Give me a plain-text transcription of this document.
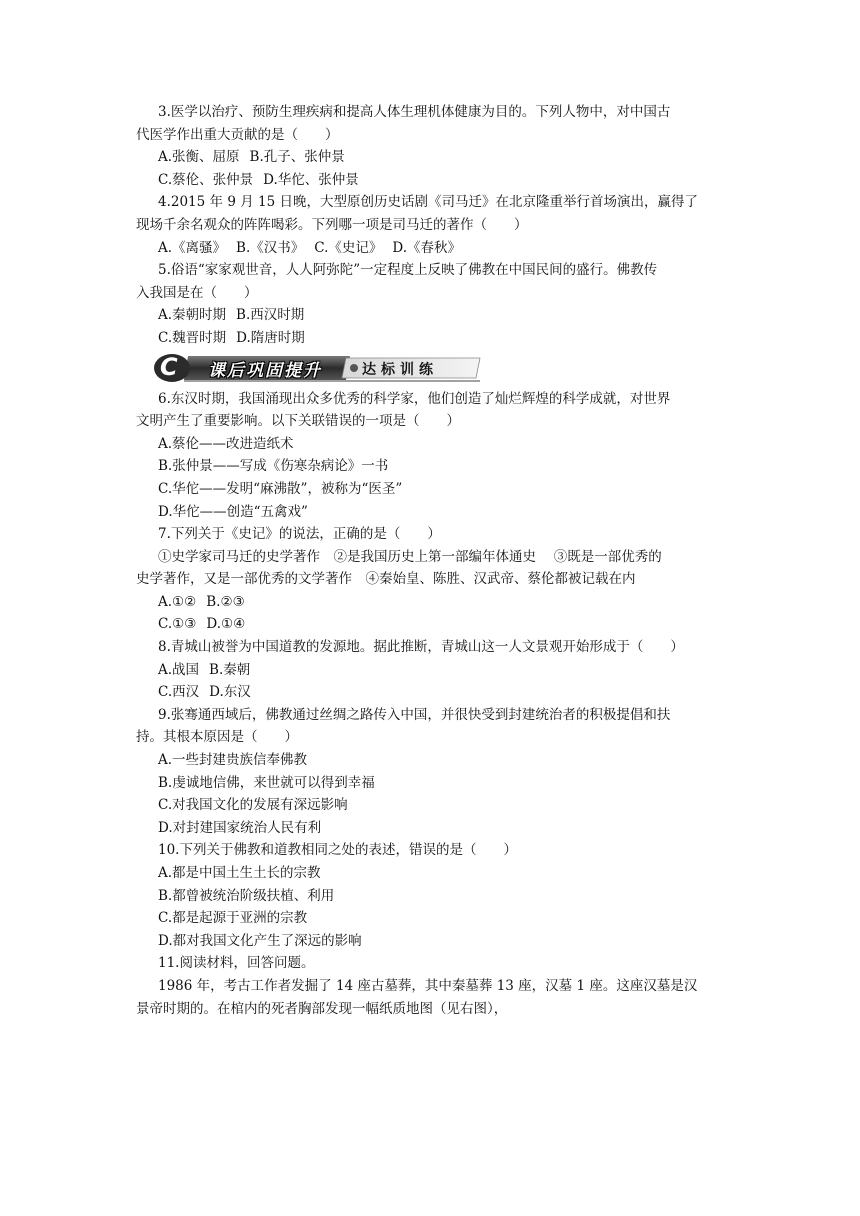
3.医学以治疗、预防生理疾病和提高人体生理机体健康为目的。下列人物中，对中国古
代医学作出重大贡献的是（　　）
A.张衡、屈原 B.孔子、张仲景
C.蔡伦、张仲景 D.华佗、张仲景
4.2015 年 9 月 15 日晚，大型原创历史话剧《司马迁》在北京隆重举行首场演出，赢得了
现场千余名观众的阵阵喝彩。下列哪一项是司马迁的著作（　　）
A.《离骚》 B.《汉书》 C.《史记》 D.《春秋》
5.俗语“家家观世音，人人阿弥陀”一定程度上反映了佛教在中国民间的盛行。佛教传
入我国是在（　　）
A.秦朝时期 B.西汉时期
C.魏晋时期 D.隋唐时期
C 课后巩固提升	达标训练
6.东汉时期，我国涌现出众多优秀的科学家，他们创造了灿烂辉煌的科学成就，对世界
文明产生了重要影响。以下关联错误的一项是（　　）
A.蔡伦——改进造纸术
B.张仲景——写成《伤寒杂病论》一书
C.华佗——发明“麻沸散”，被称为“医圣”
D.华佗——创造“五禽戏”
7.下列关于《史记》的说法，正确的是（　　）
①史学家司马迁的史学著作　②是我国历史上第一部编年体通史　 ③既是一部优秀的
史学著作，又是一部优秀的文学著作　④秦始皇、陈胜、汉武帝、蔡伦都被记载在内
A.①② B.②③
C.①③ D.①④
8.青城山被誉为中国道教的发源地。据此推断，青城山这一人文景观开始形成于（　　）
A.战国 B.秦朝
C.西汉 D.东汉
9.张骞通西域后，佛教通过丝绸之路传入中国，并很快受到封建统治者的积极提倡和扶
持。其根本原因是（　　）
A.一些封建贵族信奉佛教
B.虔诚地信佛，来世就可以得到幸福
C.对我国文化的发展有深远影响
D.对封建国家统治人民有利
10.下列关于佛教和道教相同之处的表述，错误的是（　　）
A.都是中国土生土长的宗教
B.都曾被统治阶级扶植、利用
C.都是起源于亚洲的宗教
D.都对我国文化产生了深远的影响
11.阅读材料，回答问题。
1986 年，考古工作者发掘了 14 座古墓葬，其中秦墓葬 13 座，汉墓 1 座。这座汉墓是汉
景帝时期的。在棺内的死者胸部发现一幅纸质地图（见右图），
